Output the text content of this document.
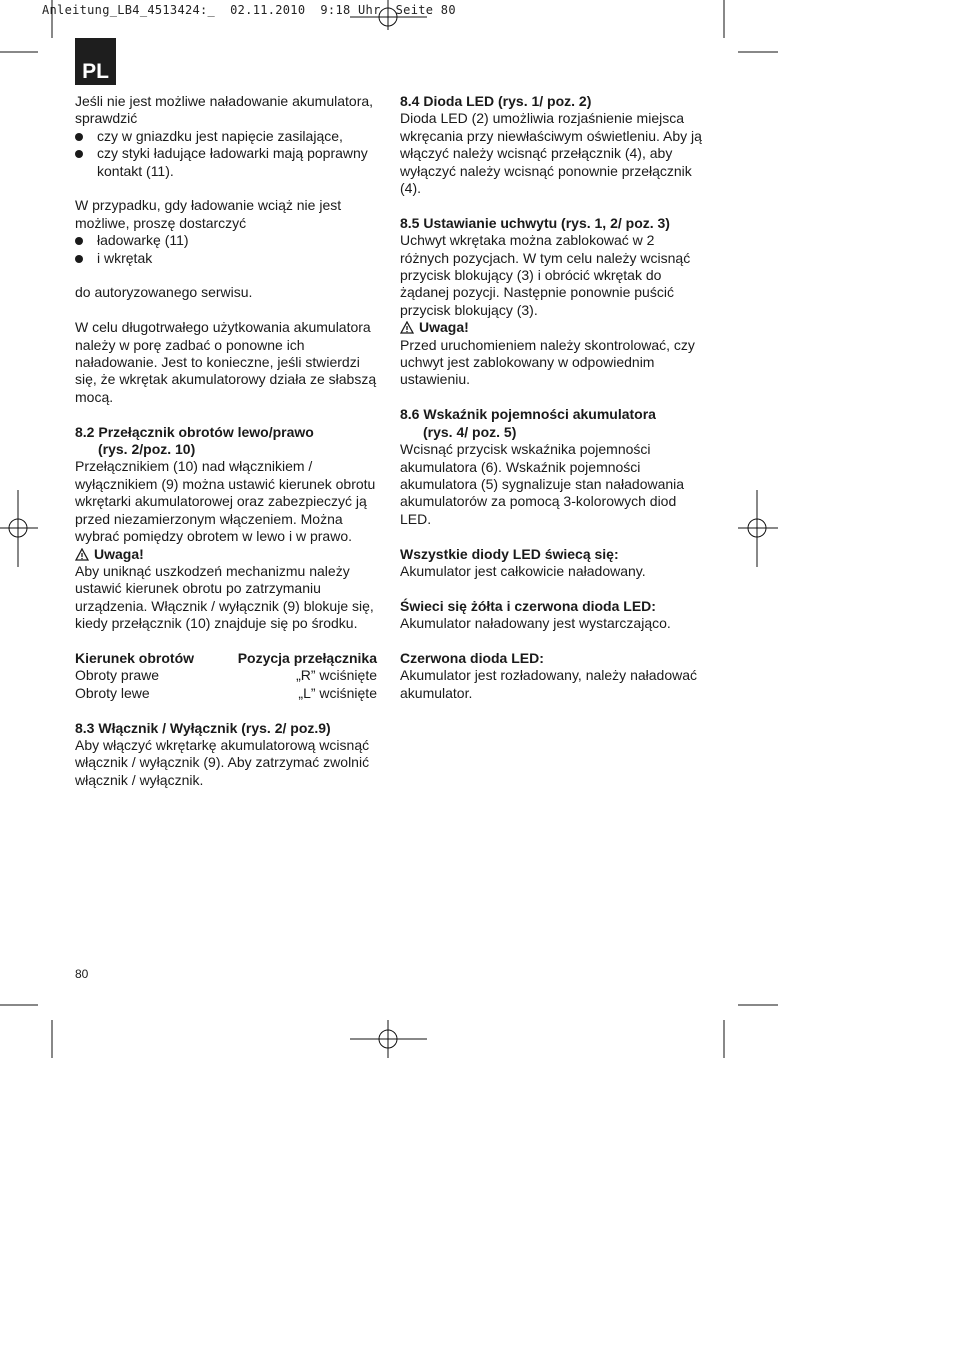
Anleitung_LB4_4513424:_  02.11.2010  9:18 Uhr  Seite 80
PL

Jeśli nie jest możliwe naładowanie akumulatora, sprawdzić

czy w gniazdku jest napięcie zasilające,
czy styki ładujące ładowarki mają poprawny kontakt (11).

W przypadku, gdy ładowanie wciąż nie jest możliwe, proszę dostarczyć

ładowarkę (11)
i wkrętak

do autoryzowanego serwisu.

W celu długotrwałego użytkowania akumulatora należy w porę zadbać o ponowne ich naładowanie. Jest to konieczne, jeśli stwierdzi się, że wkrętak akumulatorowy działa ze słabszą mocą.

8.2 Przełącznik obrotów lewo/prawo
(rys. 2/poz. 10)

Przełącznikiem (10) nad włącznikiem / wyłącznikiem (9) można ustawić kierunek obrotu wkrętarki akumulatorowej oraz zabezpieczyć ją przed niezamierzonym włączeniem. Można wybrać pomiędzy obrotem w lewo i w prawo.

Uwaga!

Aby uniknąć uszkodzeń mechanizmu należy ustawić kierunek obrotu po zatrzymaniu urządzenia. Włącznik / wyłącznik (9) blokuje się, kiedy przełącznik (10) znajduje się po środku.

Kierunek obrotów	Pozycja przełącznika
Obroty prawe	„R” wciśnięte
Obroty lewe	„L” wciśnięte

8.3 Włącznik / Wyłącznik (rys. 2/ poz.9)

Aby włączyć wkrętarkę akumulatorową wcisnąć włącznik / wyłącznik (9). Aby zatrzymać zwolnić włącznik / wyłącznik.

8.4 Dioda LED (rys. 1/ poz. 2)

Dioda LED (2) umożliwia rozjaśnienie miejsca wkręcania przy niewłaściwym oświetleniu. Aby ją włączyć należy wcisnąć przełącznik (4), aby wyłączyć należy wcisnąć ponownie przełącznik (4).

8.5 Ustawianie uchwytu (rys. 1, 2/ poz. 3)

Uchwyt wkrętaka można zablokować w 2 różnych pozycjach. W tym celu należy wcisnąć przycisk blokujący (3) i obrócić wkrętak do żądanej pozycji. Następnie ponownie puścić przycisk blokujący (3).

Uwaga!

Przed uruchomieniem należy skontrolować, czy uchwyt jest zablokowany w odpowiednim ustawieniu.

8.6 Wskaźnik pojemności akumulatora
(rys. 4/ poz. 5)

Wcisnąć przycisk wskaźnika pojemności akumulatora (6). Wskaźnik pojemności akumulatora (5) sygnalizuje stan naładowania akumulatorów za pomocą 3-kolorowych diod LED.

Wszystkie diody LED świecą się:

Akumulator jest całkowicie naładowany.

Świeci się żółta i czerwona dioda LED:

Akumulator naładowany jest wystarczająco.

Czerwona dioda LED:

Akumulator jest rozładowany, należy naładować akumulator.

80
